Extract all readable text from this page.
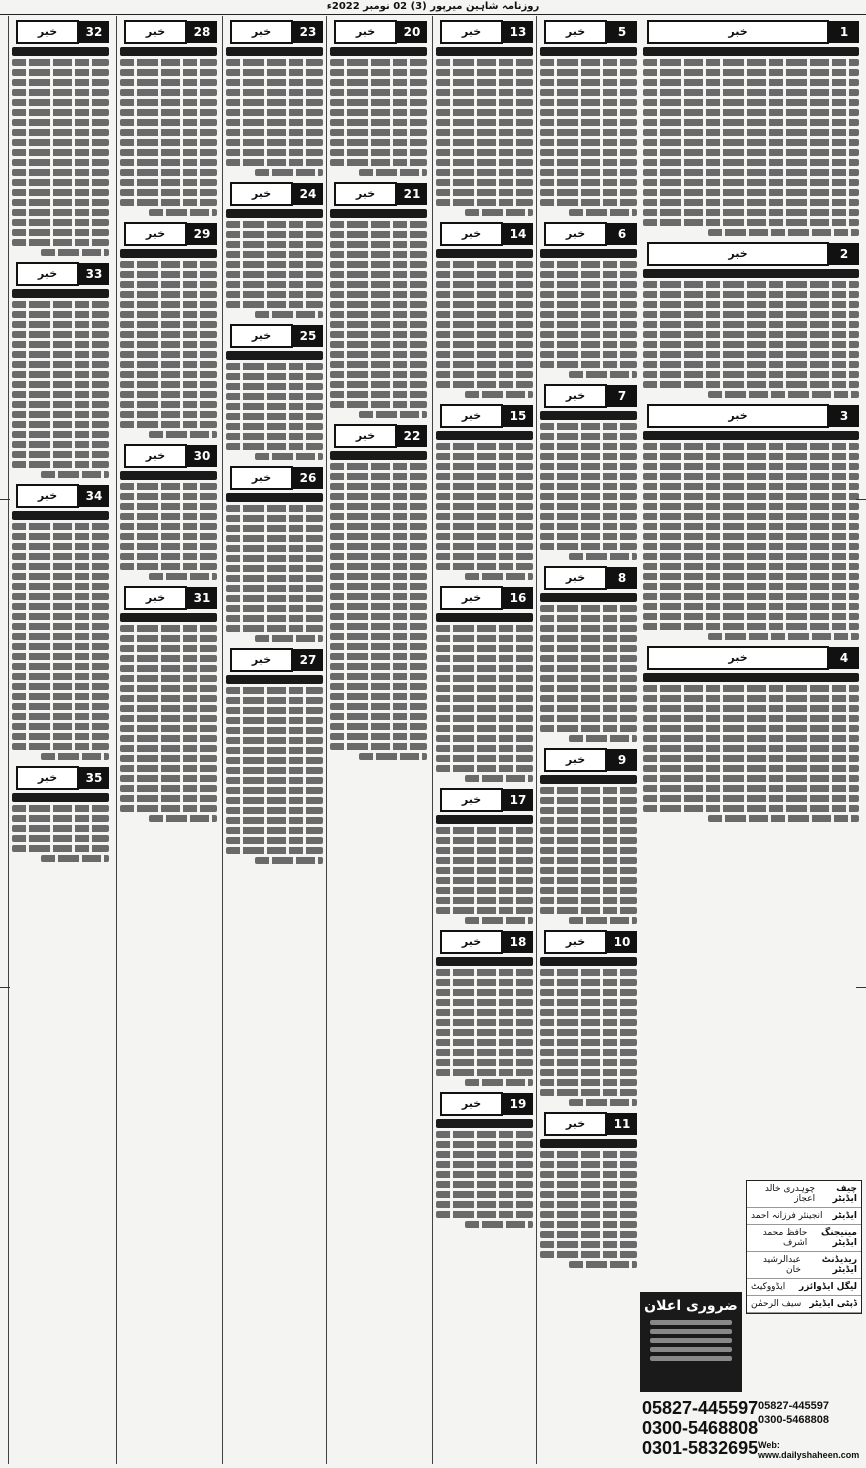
روزنامہ شاہین میرپور (3) 02 نومبر 2022ء
1
خبر
2
خبر
3
خبر
4
خبر
5
خبر
6
خبر
7
خبر
8
خبر
9
خبر
10
خبر
11
خبر
13
خبر
14
خبر
15
خبر
16
خبر
17
خبر
18
خبر
19
خبر
20
خبر
21
خبر
22
خبر
23
خبر
24
خبر
25
خبر
26
خبر
27
خبر
28
خبر
29
خبر
30
خبر
31
خبر
32
خبر
33
خبر
34
خبر
35
خبر
چیف ایڈیٹر
چوہدری خالد اعجاز
ایڈیٹر
انجینئر فرزانہ احمد
مینیجنگ ایڈیٹر
حافظ محمد اشرف
ریذیڈنٹ ایڈیٹر
عبدالرشید خان
لیگل ایڈوائزر
ایڈووکیٹ
ڈپٹی ایڈیٹر
سیف الرحمٰن
ضروری اعلان
05827-445597
0300-5468808
0301-5832695
05827-445597
0300-5468808
Web: www.dailyshaheen.com
